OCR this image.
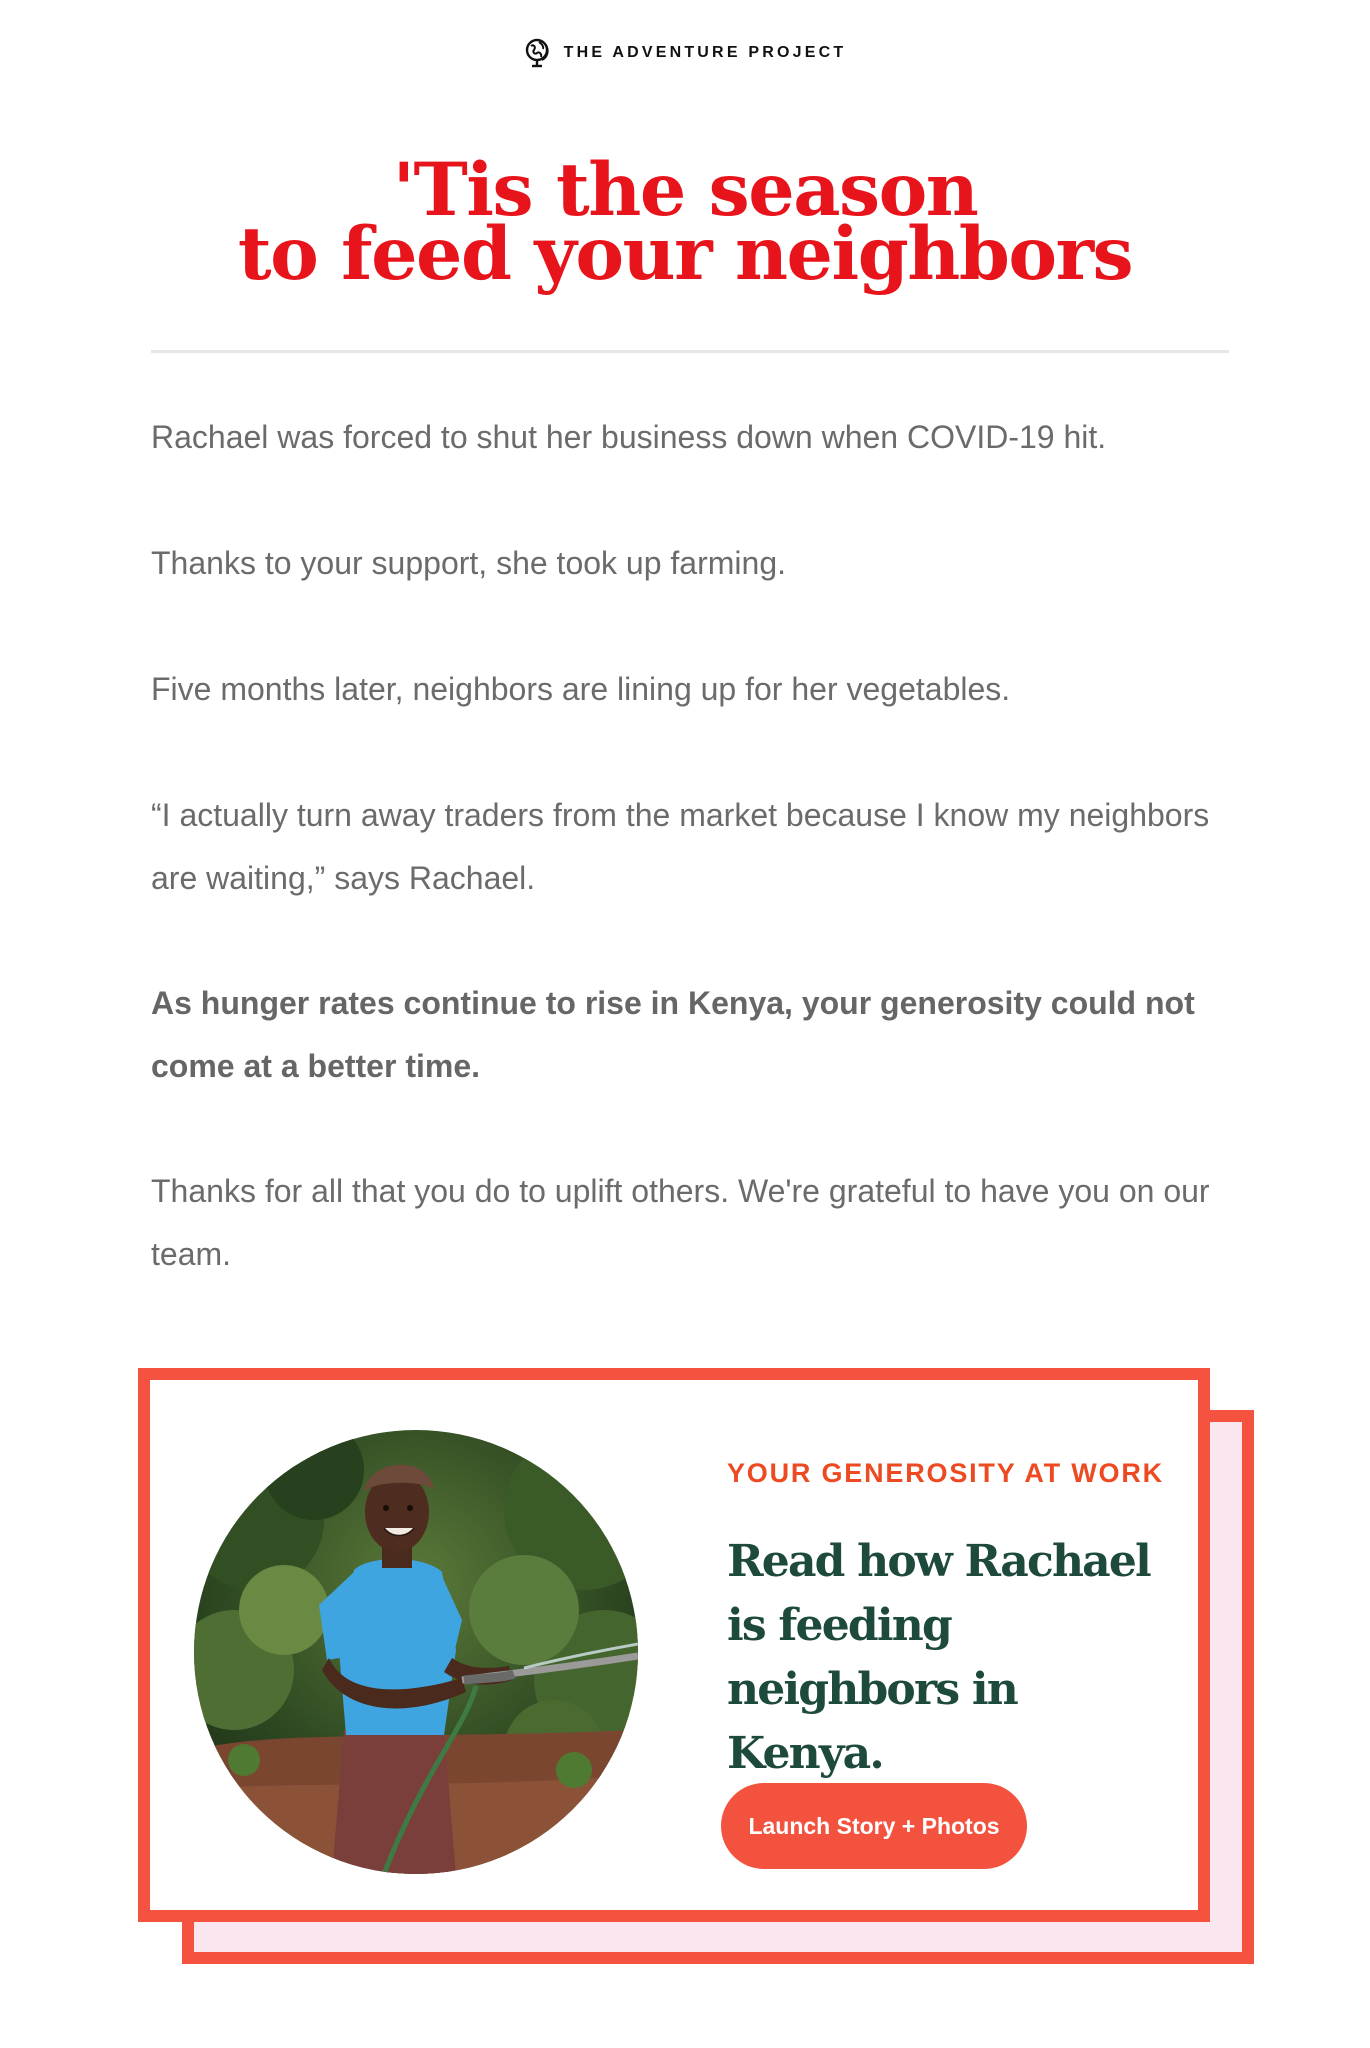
THE ADVENTURE PROJECT
'Tis the season
to feed your neighbors

Rachael was forced to shut her business down when COVID-19 hit.

Thanks to your support, she took up farming.

Five months later, neighbors are lining up for her vegetables.

“I actually turn away traders from the market because I know my neighbors are waiting,” says Rachael.

As hunger rates continue to rise in Kenya, your generosity could not come at a better time.

Thanks for all that you do to uplift others. We're grateful to have you on our team.

YOUR GENEROSITY AT WORK
Read how Rachael is feeding neighbors in Kenya.
Launch Story + Photos
